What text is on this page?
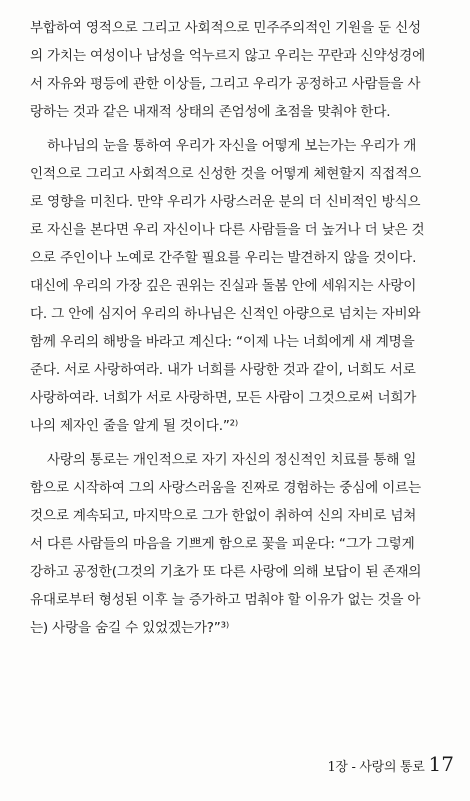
부합하여 영적으로 그리고 사회적으로 민주주의적인 기원을 둔 신성
의 가치는 여성이나 남성을 억누르지 않고 우리는 꾸란과 신약성경에
서 자유와 평등에 관한 이상들, 그리고 우리가 공정하고 사람들을 사
랑하는 것과 같은 내재적 상태의 존엄성에 초점을 맞춰야 한다.
하나님의 눈을 통하여 우리가 자신을 어떻게 보는가는 우리가 개
인적으로 그리고 사회적으로 신성한 것을 어떻게 체현할지 직접적으
로 영향을 미친다. 만약 우리가 사랑스러운 분의 더 신비적인 방식으
로 자신을 본다면 우리 자신이나 다른 사람들을 더 높거나 더 낮은 것
으로 주인이나 노예로 간주할 필요를 우리는 발견하지 않을 것이다.
대신에 우리의 가장 깊은 권위는 진실과 돌봄 안에 세워지는 사랑이
다. 그 안에 심지어 우리의 하나님은 신적인 아량으로 넘치는 자비와
함께 우리의 해방을 바라고 계신다: “이제 나는 너희에게 새 계명을
준다. 서로 사랑하여라. 내가 너희를 사랑한 것과 같이, 너희도 서로
사랑하여라. 너희가 서로 사랑하면, 모든 사람이 그것으로써 너희가
나의 제자인 줄을 알게 될 것이다.”²⁾
사랑의 통로는 개인적으로 자기 자신의 정신적인 치료를 통해 일
함으로 시작하여 그의 사랑스러움을 진짜로 경험하는 중심에 이르는
것으로 계속되고, 마지막으로 그가 한없이 취하여 신의 자비로 넘쳐
서 다른 사람들의 마음을 기쁘게 함으로 꽃을 피운다: “그가 그렇게
강하고 공정한(그것의 기초가 또 다른 사랑에 의해 보답이 된 존재의
유대로부터 형성된 이후 늘 증가하고 멈춰야 할 이유가 없는 것을 아
는) 사랑을 숨길 수 있었겠는가?”³⁾
1장 - 사랑의 통로 17
